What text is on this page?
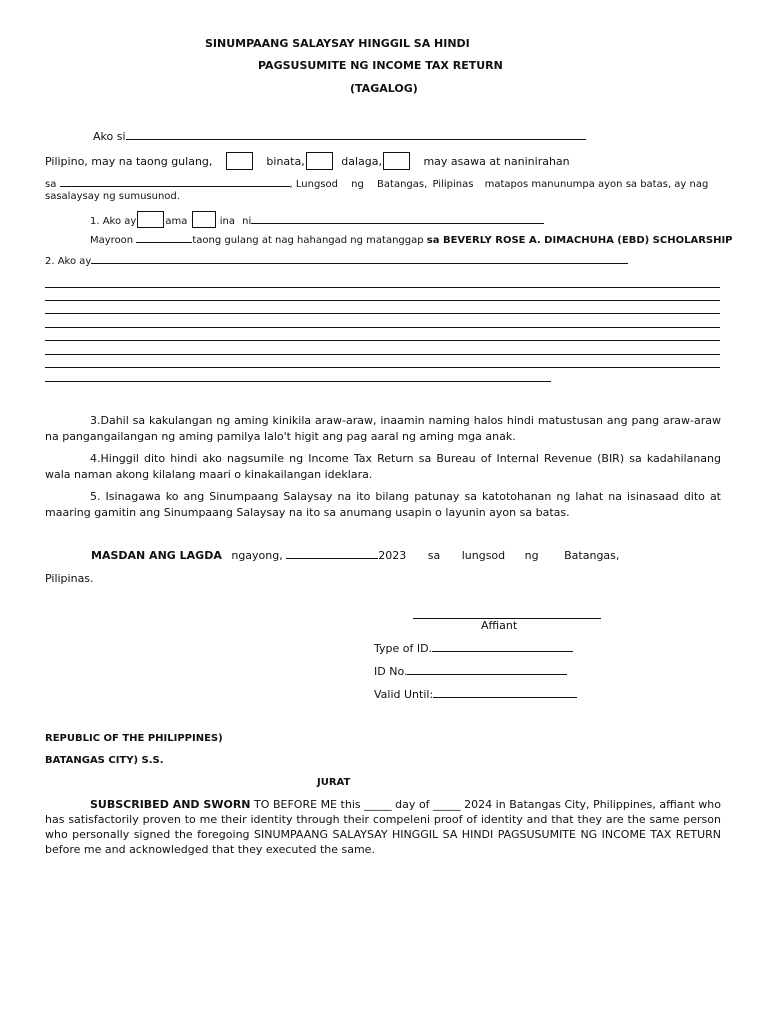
SINUMPAANG SALAYSAY HINGGIL SA HINDI
PAGSUSUMITE NG INCOME TAX RETURN
(TAGALOG)
Ako si
Pilipino, may na taong gulang,	binata,	dalaga,	may asawa at naninirahan
sa	, Lungsod ng Batangas, Pilipinas matapos manunumpa ayon sa batas, ay nag
sasalaysay ng sumusunod.
1. Ako ay	ama	ina ni
Mayroon	taong gulang at nag hahangad ng matanggap sa BEVERLY ROSE A. DIMACHUHA (EBD) SCHOLARSHIP
2. Ako ay
3.Dahil sa kakulangan ng aming kinikila araw-araw, inaamin naming halos hindi matustusan ang pang araw-araw na pangangailangan ng aming pamilya lalo't higit ang pag aaral ng aming mga anak.
4.Hinggil dito hindi ako nagsumile ng Income Tax Return sa Bureau of Internal Revenue (BIR) sa kadahilanang wala naman akong kilalang maari o kinakailangan ideklara.
5. Isinagawa ko ang Sinumpaang Salaysay na ito bilang patunay sa katotohanan ng lahat na isinasaad dito at maaring gamitin ang Sinumpaang Salaysay na ito sa anumang usapin o layunin ayon sa batas.
MASDAN ANG LAGDA ngayong,	2023 sa lungsod ng Batangas,
Pilipinas.
Affiant
Type of ID.
ID No.
Valid Until:
REPUBLIC OF THE PHILIPPINES)
BATANGAS CITY) S.S.
JURAT
SUBSCRIBED AND SWORN TO BEFORE ME this _____ day of _____ 2024 in Batangas City, Philippines, affiant who has satisfactorily proven to me their identity through their compeleni proof of identity and that they are the same person who personally signed the foregoing SINUMPAANG SALAYSAY HINGGIL SA HINDI PAGSUSUMITE NG INCOME TAX RETURN before me and acknowledged that they executed the same.
